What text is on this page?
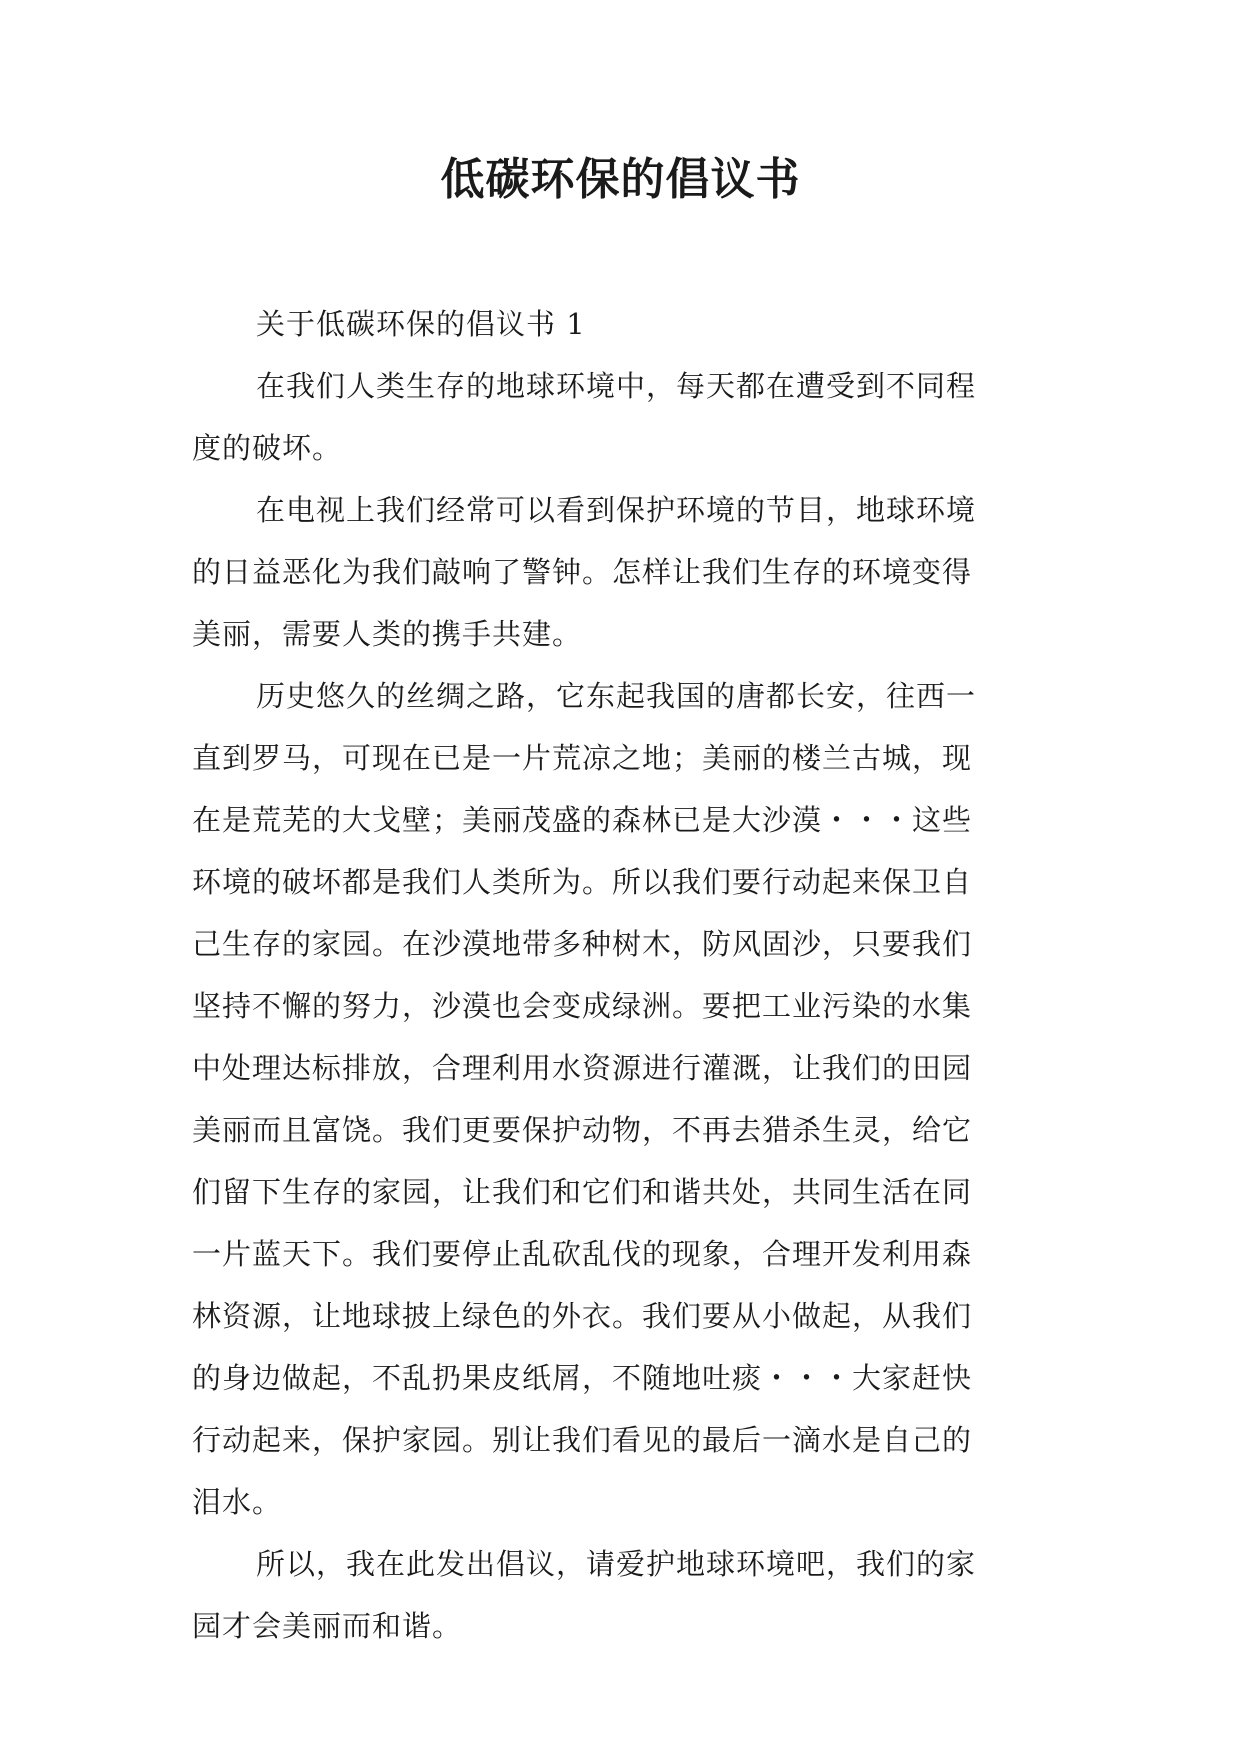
低碳环保的倡议书

关于低碳环保的倡议书 1

在我们人类生存的地球环境中，每天都在遭受到不同程
度的破坏。

在电视上我们经常可以看到保护环境的节目，地球环境
的日益恶化为我们敲响了警钟。怎样让我们生存的环境变得
美丽，需要人类的携手共建。

历史悠久的丝绸之路，它东起我国的唐都长安，往西一
直到罗马，可现在已是一片荒凉之地；美丽的楼兰古城，现
在是荒芜的大戈壁；美丽茂盛的森林已是大沙漠・・・这些
环境的破坏都是我们人类所为。所以我们要行动起来保卫自
己生存的家园。在沙漠地带多种树木，防风固沙，只要我们
坚持不懈的努力，沙漠也会变成绿洲。要把工业污染的水集
中处理达标排放，合理利用水资源进行灌溉，让我们的田园
美丽而且富饶。我们更要保护动物，不再去猎杀生灵，给它
们留下生存的家园，让我们和它们和谐共处，共同生活在同
一片蓝天下。我们要停止乱砍乱伐的现象，合理开发利用森
林资源，让地球披上绿色的外衣。我们要从小做起，从我们
的身边做起，不乱扔果皮纸屑，不随地吐痰・・・大家赶快
行动起来，保护家园。别让我们看见的最后一滴水是自己的
泪水。

所以，我在此发出倡议，请爱护地球环境吧，我们的家
园才会美丽而和谐。
